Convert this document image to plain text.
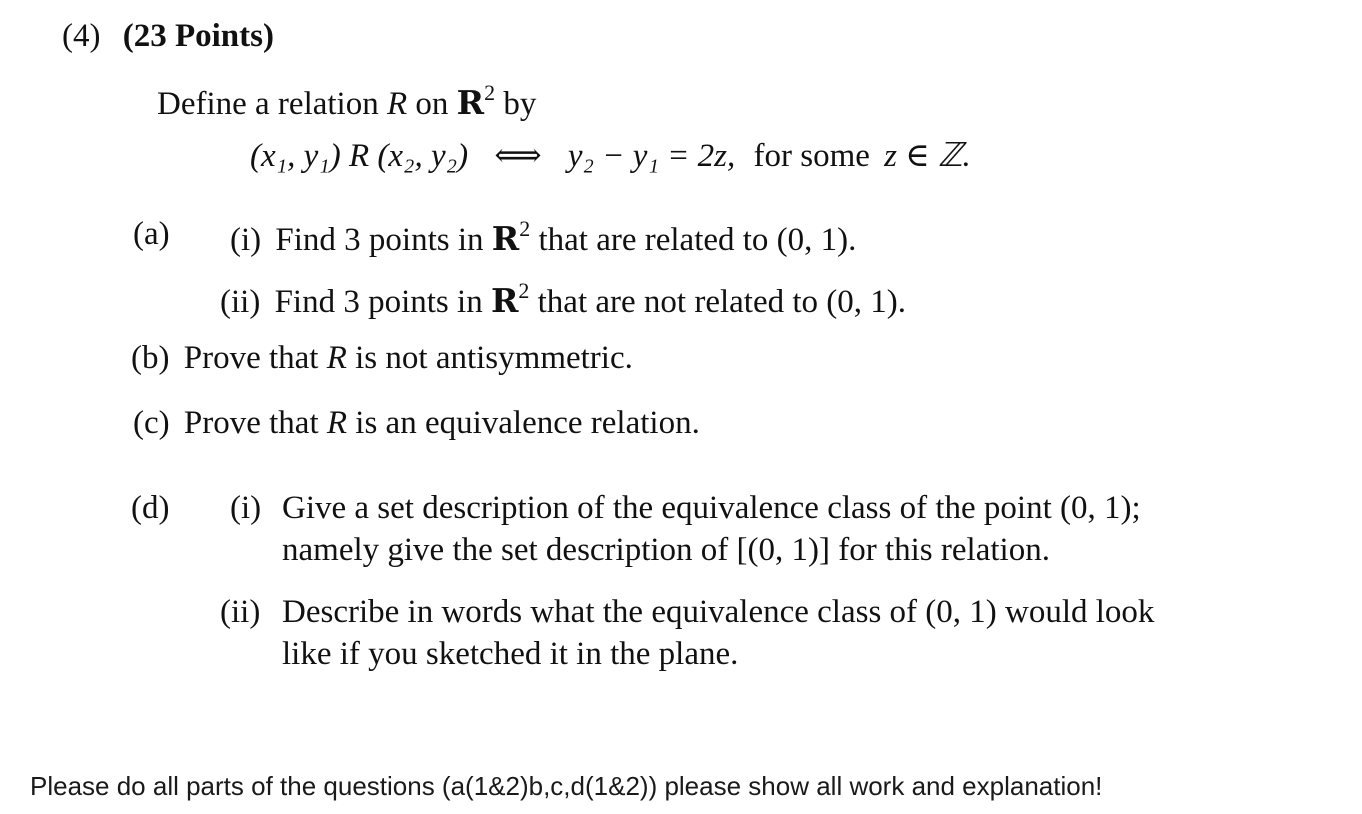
(4) (23 Points)
Define a relation R on $R^2$ by
(x₁, y₁) R (x₂, y₂) ⟺ y₂ − y₁ = 2z, for some z ∈ ℤ.
(a) (i) Find 3 points in $R^2$ that are related to (0, 1).
(ii) Find 3 points in $R^2$ that are not related to (0, 1).
(b) Prove that R is not antisymmetric.
(c) Prove that R is an equivalence relation.
(d) (i) Give a set description of the equivalence class of the point (0, 1);
namely give the set description of [(0, 1)] for this relation.
(ii) Describe in words what the equivalence class of (0, 1) would look
like if you sketched it in the plane.
Please do all parts of the questions (a(1&2)b,c,d(1&2)) please show all work and explanation!
